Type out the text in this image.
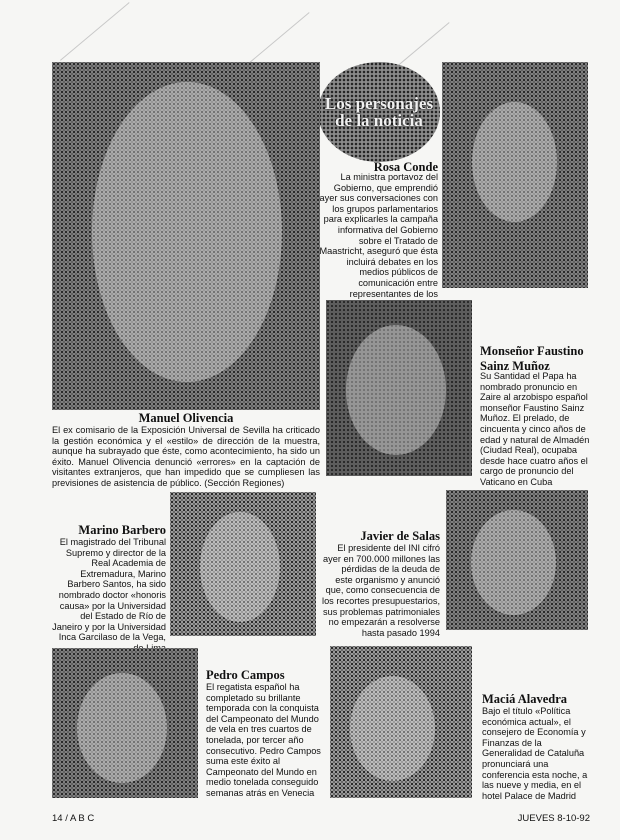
Los personajes de la noticia
Manuel Olivencia
El ex comisario de la Exposición Universal de Sevilla ha criticado la gestión económica y el «estilo» de dirección de la muestra, aunque ha subrayado que éste, como acontecimiento, ha sido un éxito. Manuel Olivencia denunció «errores» en la captación de visitantes extranjeros, que han impedido que se cumpliesen las previsiones de asistencia de público. (Sección Regiones)
Rosa Conde
La ministra portavoz del Gobierno, que emprendió ayer sus conversaciones con los grupos parlamentarios para explicarles la campaña informativa del Gobierno sobre el Tratado de Maastricht, aseguró que ésta incluirá debates en los medios públicos de comunicación entre representantes de los
Monseñor Faustino Sainz Muñoz
Su Santidad el Papa ha nombrado pronuncio en Zaire al arzobispo español monseñor Faustino Sainz Muñoz. El prelado, de cincuenta y cinco años de edad y natural de Almadén (Ciudad Real), ocupaba desde hace cuatro años el cargo de pronuncio del Vaticano en Cuba
Marino Barbero
El magistrado del Tribunal Supremo y director de la Real Academia de Extremadura, Marino Barbero Santos, ha sido nombrado doctor «honoris causa» por la Universidad del Estado de Río de Janeiro y por la Universidad Inca Garcilaso de la Vega,
Javier de Salas
El presidente del INI cifró ayer en 700.000 millones las pérdidas de la deuda de este organismo y anunció que, como consecuencia de los recortes presupuestarios, sus problemas patrimoniales no empezarán a resolverse hasta pasado 1994
Pedro Campos
El regatista español ha completado su brillante temporada con la conquista del Campeonato del Mundo de vela en tres cuartos de tonelada, por tercer año consecutivo. Pedro Campos suma este éxito al Campeonato del Mundo en medio tonelada conseguido semanas atrás en Venecia
Maciá Alavedra
Bajo el título «Política económica actual», el consejero de Economía y Finanzas de la Generalidad de Cataluña pronunciará una conferencia esta noche, a las nueve y media, en el hotel Palace de Madrid
14 / A B C	JUEVES 8-10-92
